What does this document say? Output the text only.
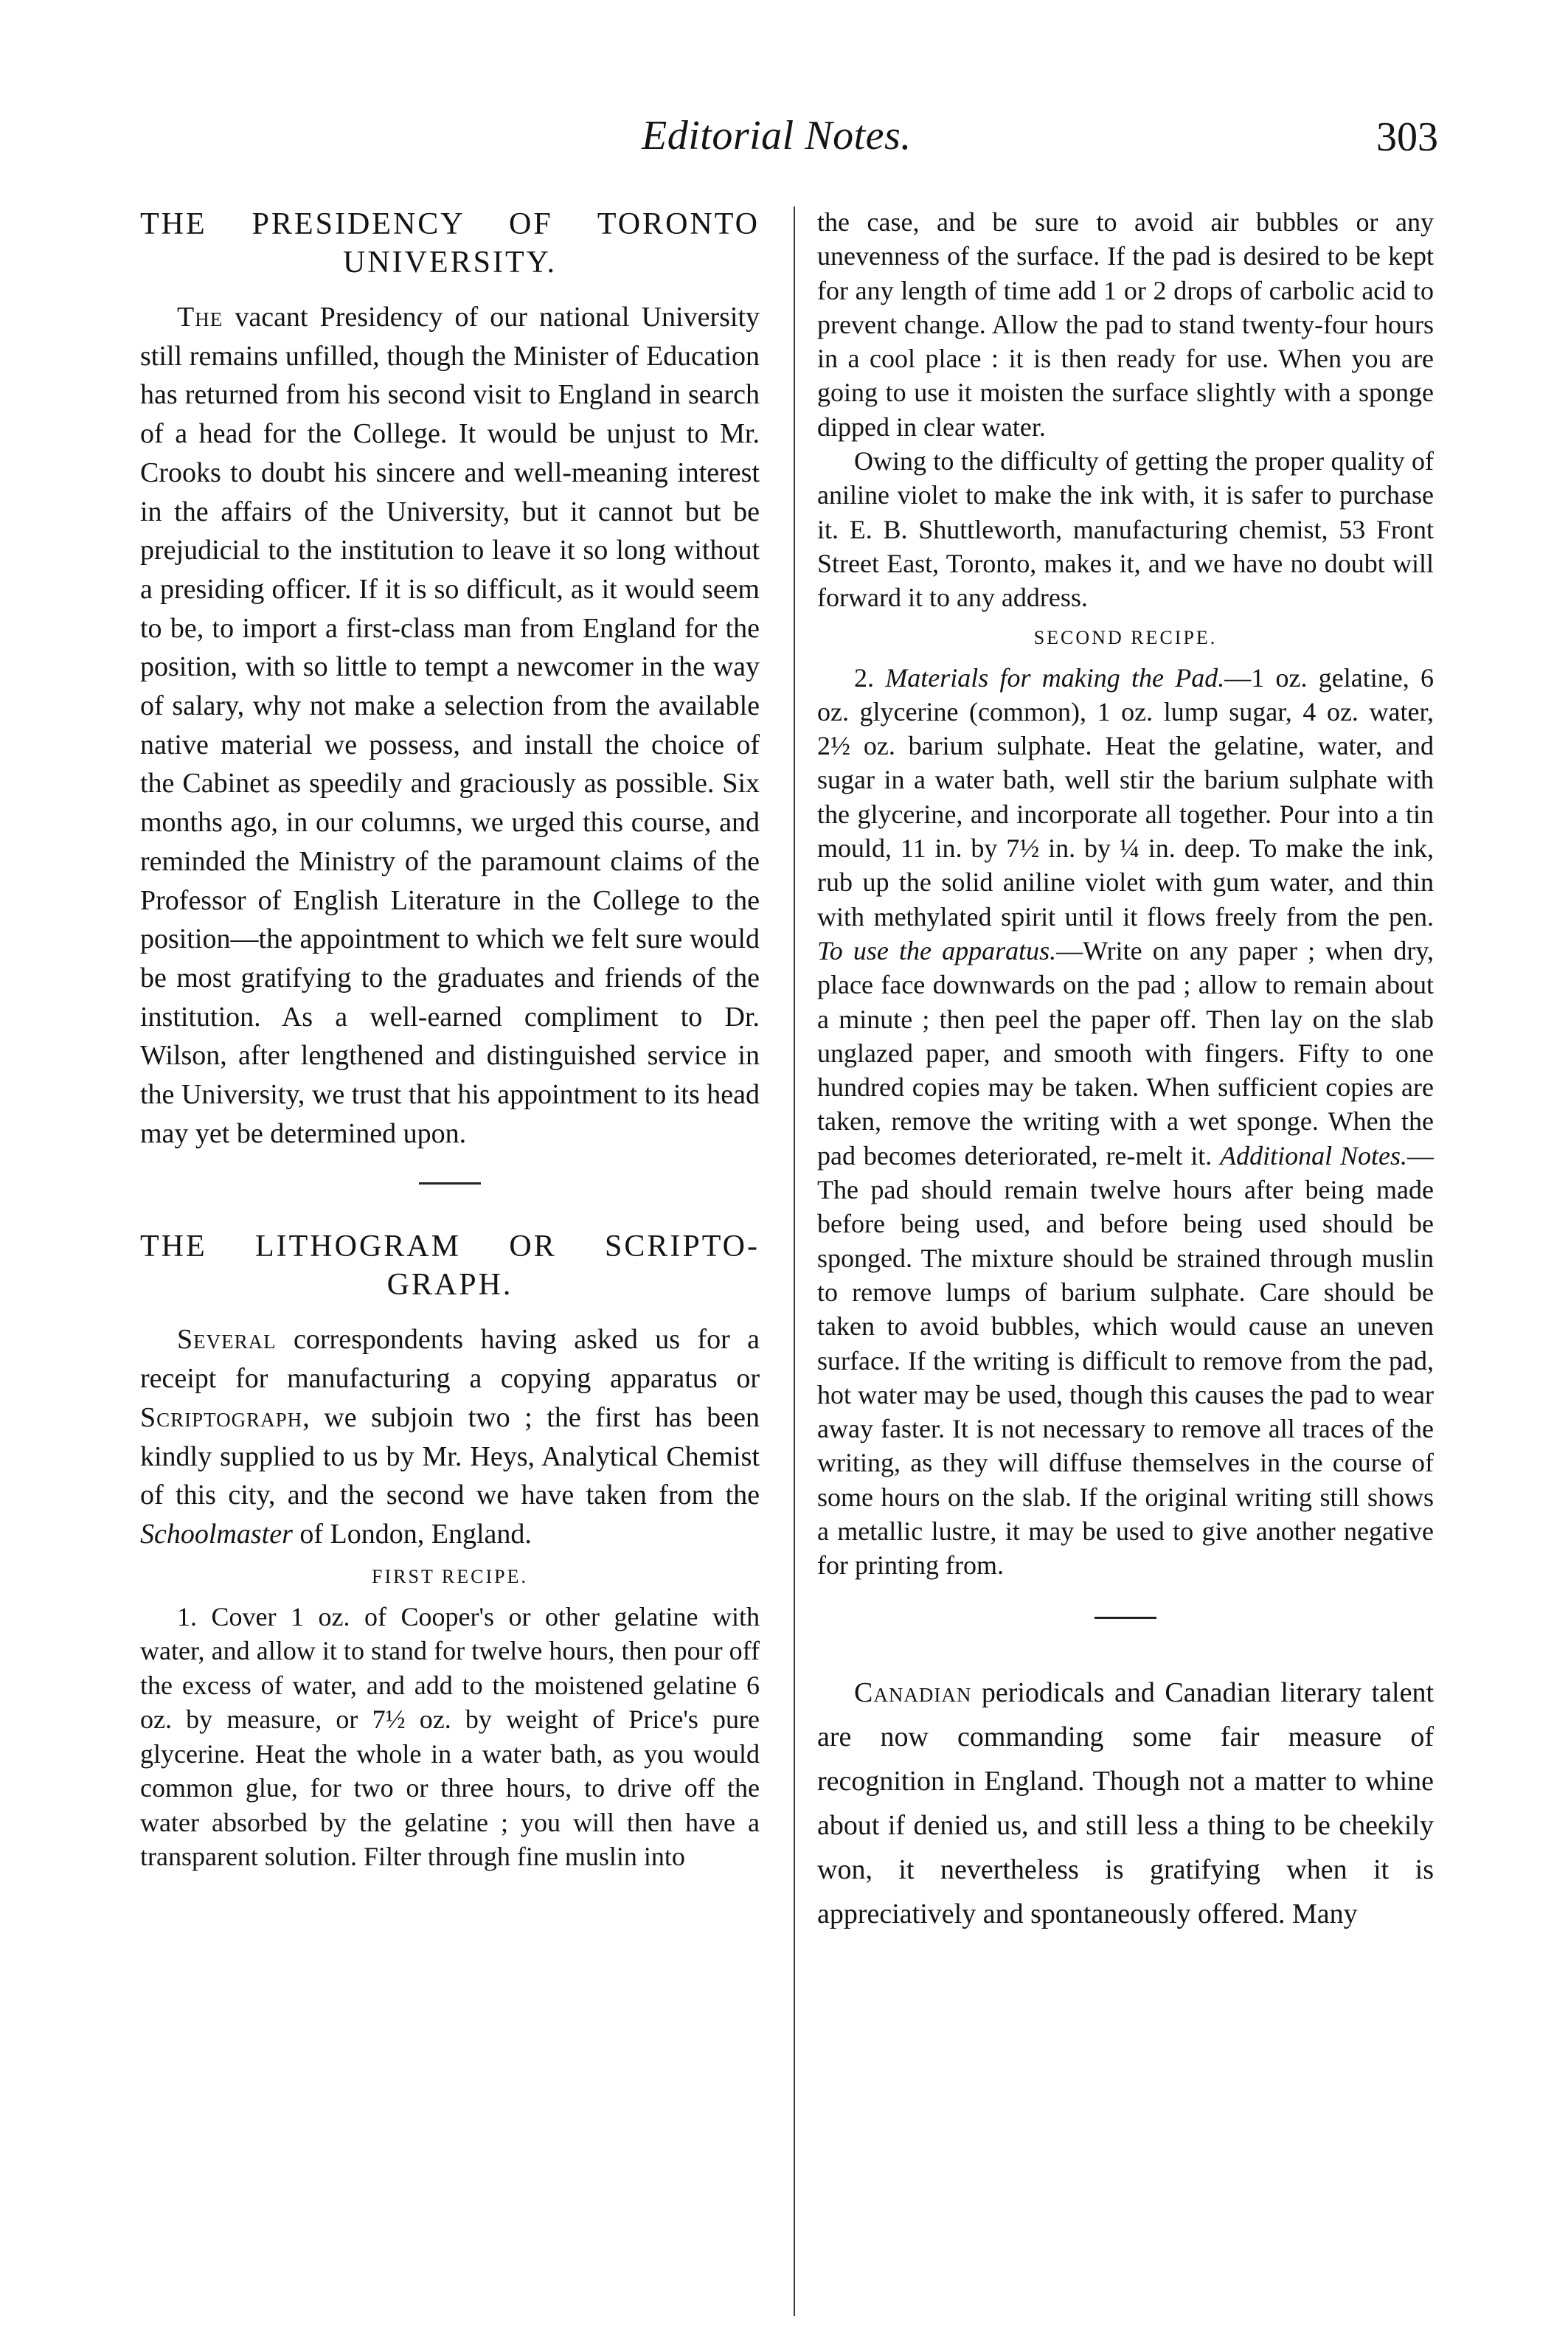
Editorial Notes.	303
THE PRESIDENCY OF TORONTO
UNIVERSITY.

The vacant Presidency of our national University still remains unfilled, though the Minister of Education has returned from his second visit to England in search of a head for the College. It would be unjust to Mr. Crooks to doubt his sincere and well-meaning interest in the affairs of the University, but it cannot but be prejudicial to the institution to leave it so long without a presiding officer. If it is so difficult, as it would seem to be, to import a first-class man from England for the position, with so little to tempt a newcomer in the way of salary, why not make a selection from the available native material we possess, and install the choice of the Cabinet as speedily and graciously as possible. Six months ago, in our columns, we urged this course, and reminded the Ministry of the paramount claims of the Professor of English Literature in the College to the position—the appointment to which we felt sure would be most gratifying to the graduates and friends of the institution. As a well-earned compliment to Dr. Wilson, after lengthened and distinguished service in the University, we trust that his appointment to its head may yet be determined upon.

THE LITHOGRAM OR SCRIPTO-
GRAPH.

Several correspondents having asked us for a receipt for manufacturing a copying apparatus or Scriptograph, we subjoin two ; the first has been kindly supplied to us by Mr. Heys, Analytical Chemist of this city, and the second we have taken from the Schoolmaster of London, England.

FIRST RECIPE.

1. Cover 1 oz. of Cooper's or other gelatine with water, and allow it to stand for twelve hours, then pour off the excess of water, and add to the moistened gelatine 6 oz. by measure, or 7½ oz. by weight of Price's pure glycerine. Heat the whole in a water bath, as you would common glue, for two or three hours, to drive off the water absorbed by the gelatine ; you will then have a transparent solution. Filter through fine muslin into

the case, and be sure to avoid air bubbles or any unevenness of the surface. If the pad is desired to be kept for any length of time add 1 or 2 drops of carbolic acid to prevent change. Allow the pad to stand twenty-four hours in a cool place : it is then ready for use. When you are going to use it moisten the surface slightly with a sponge dipped in clear water.

Owing to the difficulty of getting the proper quality of aniline violet to make the ink with, it is safer to purchase it. E. B. Shuttleworth, manufacturing chemist, 53 Front Street East, Toronto, makes it, and we have no doubt will forward it to any address.

SECOND RECIPE.

2. Materials for making the Pad.—1 oz. gelatine, 6 oz. glycerine (common), 1 oz. lump sugar, 4 oz. water, 2½ oz. barium sulphate. Heat the gelatine, water, and sugar in a water bath, well stir the barium sulphate with the glycerine, and incorporate all together. Pour into a tin mould, 11 in. by 7½ in. by ¼ in. deep. To make the ink, rub up the solid aniline violet with gum water, and thin with methylated spirit until it flows freely from the pen. To use the apparatus.—Write on any paper ; when dry, place face downwards on the pad ; allow to remain about a minute ; then peel the paper off. Then lay on the slab unglazed paper, and smooth with fingers. Fifty to one hundred copies may be taken. When sufficient copies are taken, remove the writing with a wet sponge. When the pad becomes deteriorated, re-melt it. Additional Notes.—The pad should remain twelve hours after being made before being used, and before being used should be sponged. The mixture should be strained through muslin to remove lumps of barium sulphate. Care should be taken to avoid bubbles, which would cause an uneven surface. If the writing is difficult to remove from the pad, hot water may be used, though this causes the pad to wear away faster. It is not necessary to remove all traces of the writing, as they will diffuse themselves in the course of some hours on the slab. If the original writing still shows a metallic lustre, it may be used to give another negative for printing from.

Canadian periodicals and Canadian literary talent are now commanding some fair measure of recognition in England. Though not a matter to whine about if denied us, and still less a thing to be cheekily won, it nevertheless is gratifying when it is appreciatively and spontaneously offered. Many
